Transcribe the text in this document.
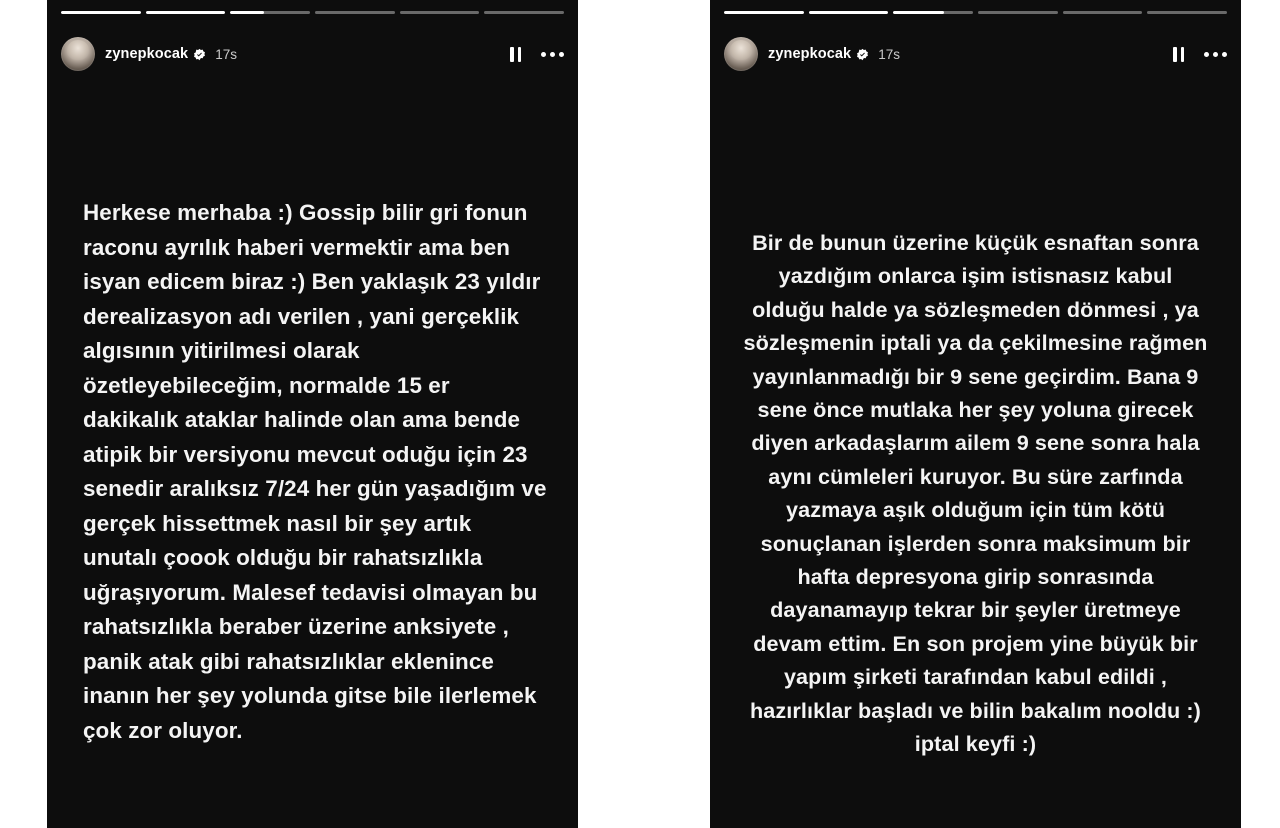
zynepkocak 17s

Herkese merhaba :) Gossip bilir gri fonun raconu ayrılık haberi vermektir ama ben isyan edicem biraz :) Ben yaklaşık 23 yıldır derealizasyon adı verilen , yani gerçeklik algısının yitirilmesi olarak özetleyebileceğim, normalde 15 er dakikalık ataklar halinde olan ama bende atipik bir versiyonu mevcut oduğu için 23 senedir aralıksız 7/24 her gün yaşadığım ve gerçek hissettmek nasıl bir şey artık unutalı çoook olduğu bir rahatsızlıkla uğraşıyorum. Malesef tedavisi olmayan bu rahatsızlıkla beraber üzerine anksiyete , panik atak gibi rahatsızlıklar eklenince inanın her şey yolunda gitse bile ilerlemek çok zor oluyor.

zynepkocak 17s

Bir de bunun üzerine küçük esnaftan sonra yazdığım onlarca işim istisnasız kabul olduğu halde ya sözleşmeden dönmesi , ya sözleşmenin iptali ya da çekilmesine rağmen yayınlanmadığı bir 9 sene geçirdim. Bana 9 sene önce mutlaka her şey yoluna girecek diyen arkadaşlarım ailem 9 sene sonra hala aynı cümleleri kuruyor. Bu süre zarfında yazmaya aşık olduğum için tüm kötü sonuçlanan işlerden sonra maksimum bir hafta depresyona girip sonrasında dayanamayıp tekrar bir şeyler üretmeye devam ettim. En son projem yine büyük bir yapım şirketi tarafından kabul edildi , hazırlıklar başladı ve bilin bakalım nooldu :) iptal keyfi :)
